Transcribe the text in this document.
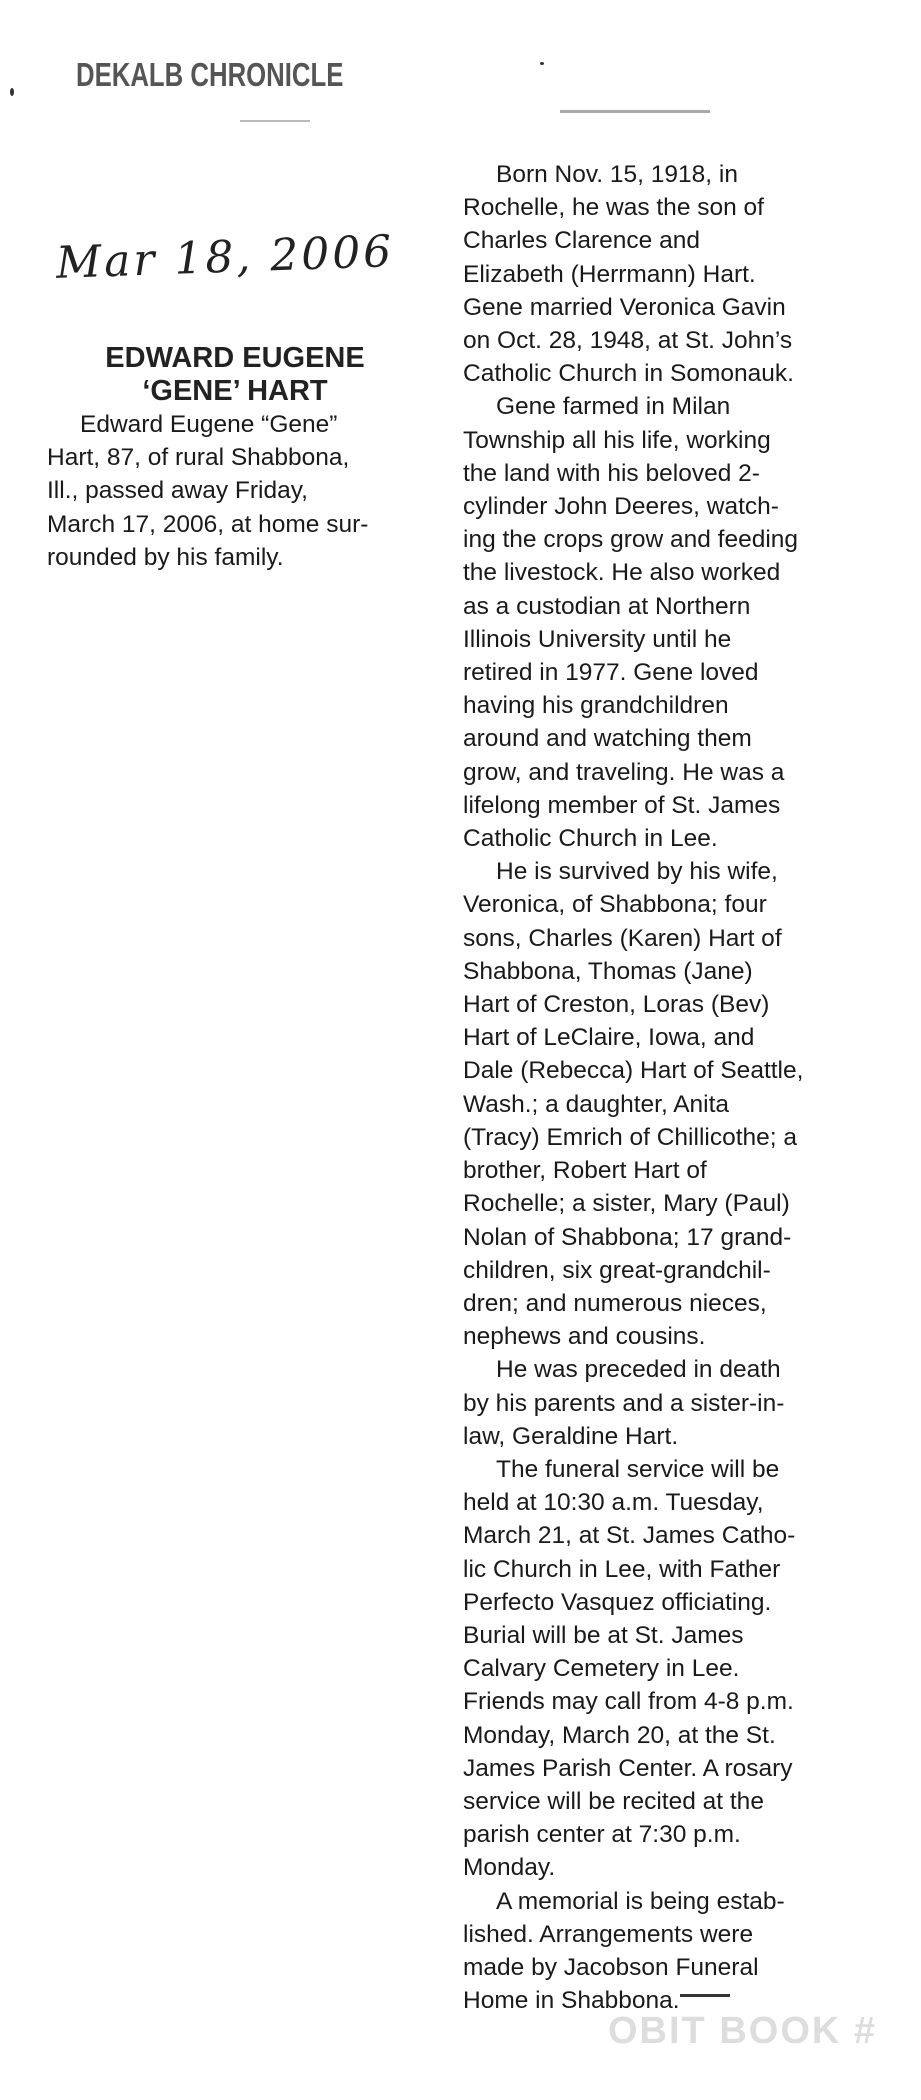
DEKALB CHRONICLE
Mar 18, 2006
EDWARD EUGENE
‘GENE’ HART
Edward Eugene “Gene”
Hart, 87, of rural Shabbona,
Ill., passed away Friday,
March 17, 2006, at home sur-
rounded by his family.
Born Nov. 15, 1918, in
Rochelle, he was the son of
Charles Clarence and
Elizabeth (Herrmann) Hart.
Gene married Veronica Gavin
on Oct. 28, 1948, at St. John’s
Catholic Church in Somonauk.
Gene farmed in Milan
Township all his life, working
the land with his beloved 2-
cylinder John Deeres, watch-
ing the crops grow and feeding
the livestock. He also worked
as a custodian at Northern
Illinois University until he
retired in 1977. Gene loved
having his grandchildren
around and watching them
grow, and traveling. He was a
lifelong member of St. James
Catholic Church in Lee.
He is survived by his wife,
Veronica, of Shabbona; four
sons, Charles (Karen) Hart of
Shabbona, Thomas (Jane)
Hart of Creston, Loras (Bev)
Hart of LeClaire, Iowa, and
Dale (Rebecca) Hart of Seattle,
Wash.; a daughter, Anita
(Tracy) Emrich of Chillicothe; a
brother, Robert Hart of
Rochelle; a sister, Mary (Paul)
Nolan of Shabbona; 17 grand-
children, six great-grandchil-
dren; and numerous nieces,
nephews and cousins.
He was preceded in death
by his parents and a sister-in-
law, Geraldine Hart.
The funeral service will be
held at 10:30 a.m. Tuesday,
March 21, at St. James Catho-
lic Church in Lee, with Father
Perfecto Vasquez officiating.
Burial will be at St. James
Calvary Cemetery in Lee.
Friends may call from 4-8 p.m.
Monday, March 20, at the St.
James Parish Center. A rosary
service will be recited at the
parish center at 7:30 p.m.
Monday.
A memorial is being estab-
lished. Arrangements were
made by Jacobson Funeral
Home in Shabbona.
OBIT BOOK #
